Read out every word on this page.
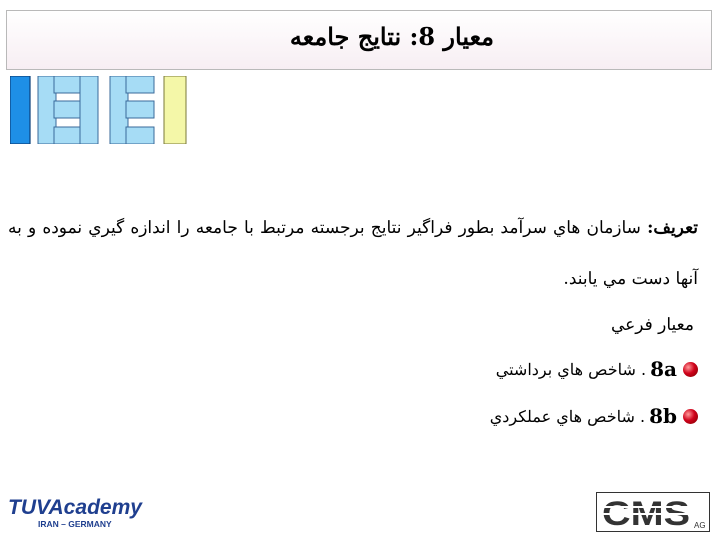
معيار 8: نتايج جامعه
تعريف: سازمان هاي سرآمد بطور فراگير نتايج برجسته مرتبط با جامعه را اندازه گيري نموده و به آنها دست مي يابند.
معيار فرعي
8a
. شاخص هاي برداشتي
8b
. شاخص هاي عملكردي
TUVAcademy
IRAN – GERMANY	CMS AG
